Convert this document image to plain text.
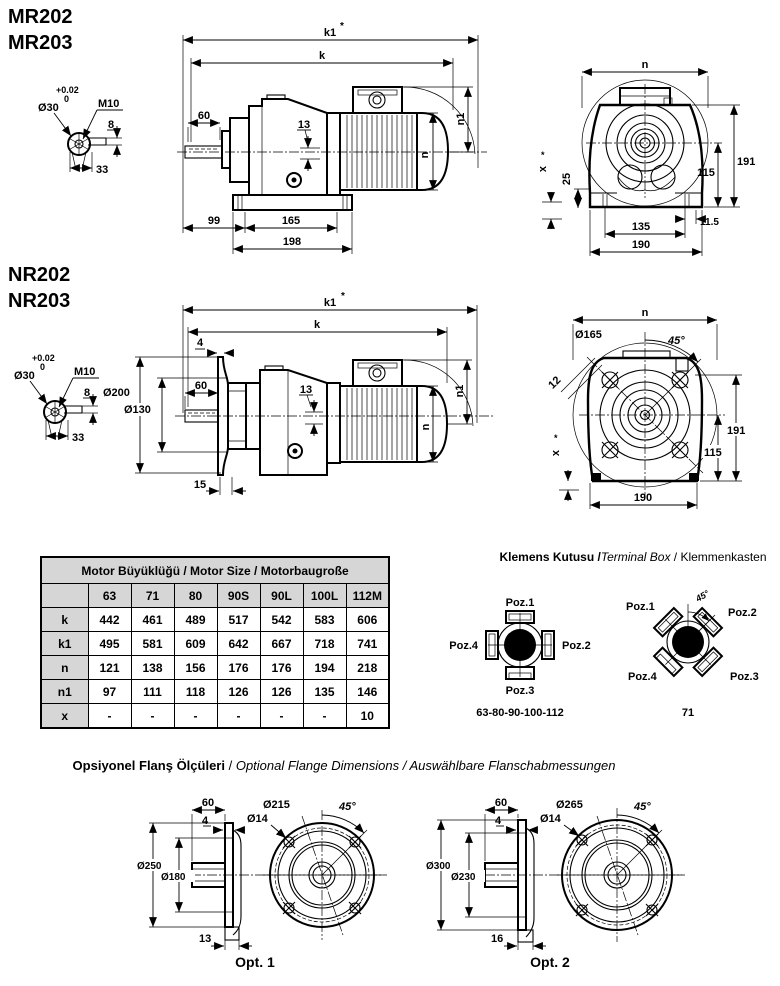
MR202
MR203
+0.02
0
Ø30	M10
8
33
k1
*
k
60
13
n
n1
99	165
198
n
25
x
*
11.5
135
190
115
191
NR202
NR203
+0.02
0
Ø30	M10
8
33
k1
*
k
4
60
Ø200
Ø130
13
15
n
n1
n
Ø165	45°
12
191
115
x
*
190
Motor Büyüklüğü / Motor Size / Motorbaugroße							
	63	71	80	90S	90L	100L	112M
k	442	461	489	517	542	583	606
k1	495	581	609	642	667	718	741
n	121	138	156	176	176	194	218
n1	97	111	118	126	126	135	146
x	-	-	-	-	-	-	10
Klemens Kutusu /Terminal Box / Klemmenkasten
Poz.1
Poz.2
Poz.3
Poz.4
63-80-90-100-112
45°
Poz.1	Poz.2
Poz.3
Poz.4
71
Opsiyonel Flanş Ölçüleri / Optional Flange Dimensions / Auswählbare Flanschabmessungen
60
4
Ø250
Ø180
13
Ø215
Ø14
45°
Opt. 1
60
4
Ø300
Ø230
16
Ø265
Ø14
45°
Opt. 2
